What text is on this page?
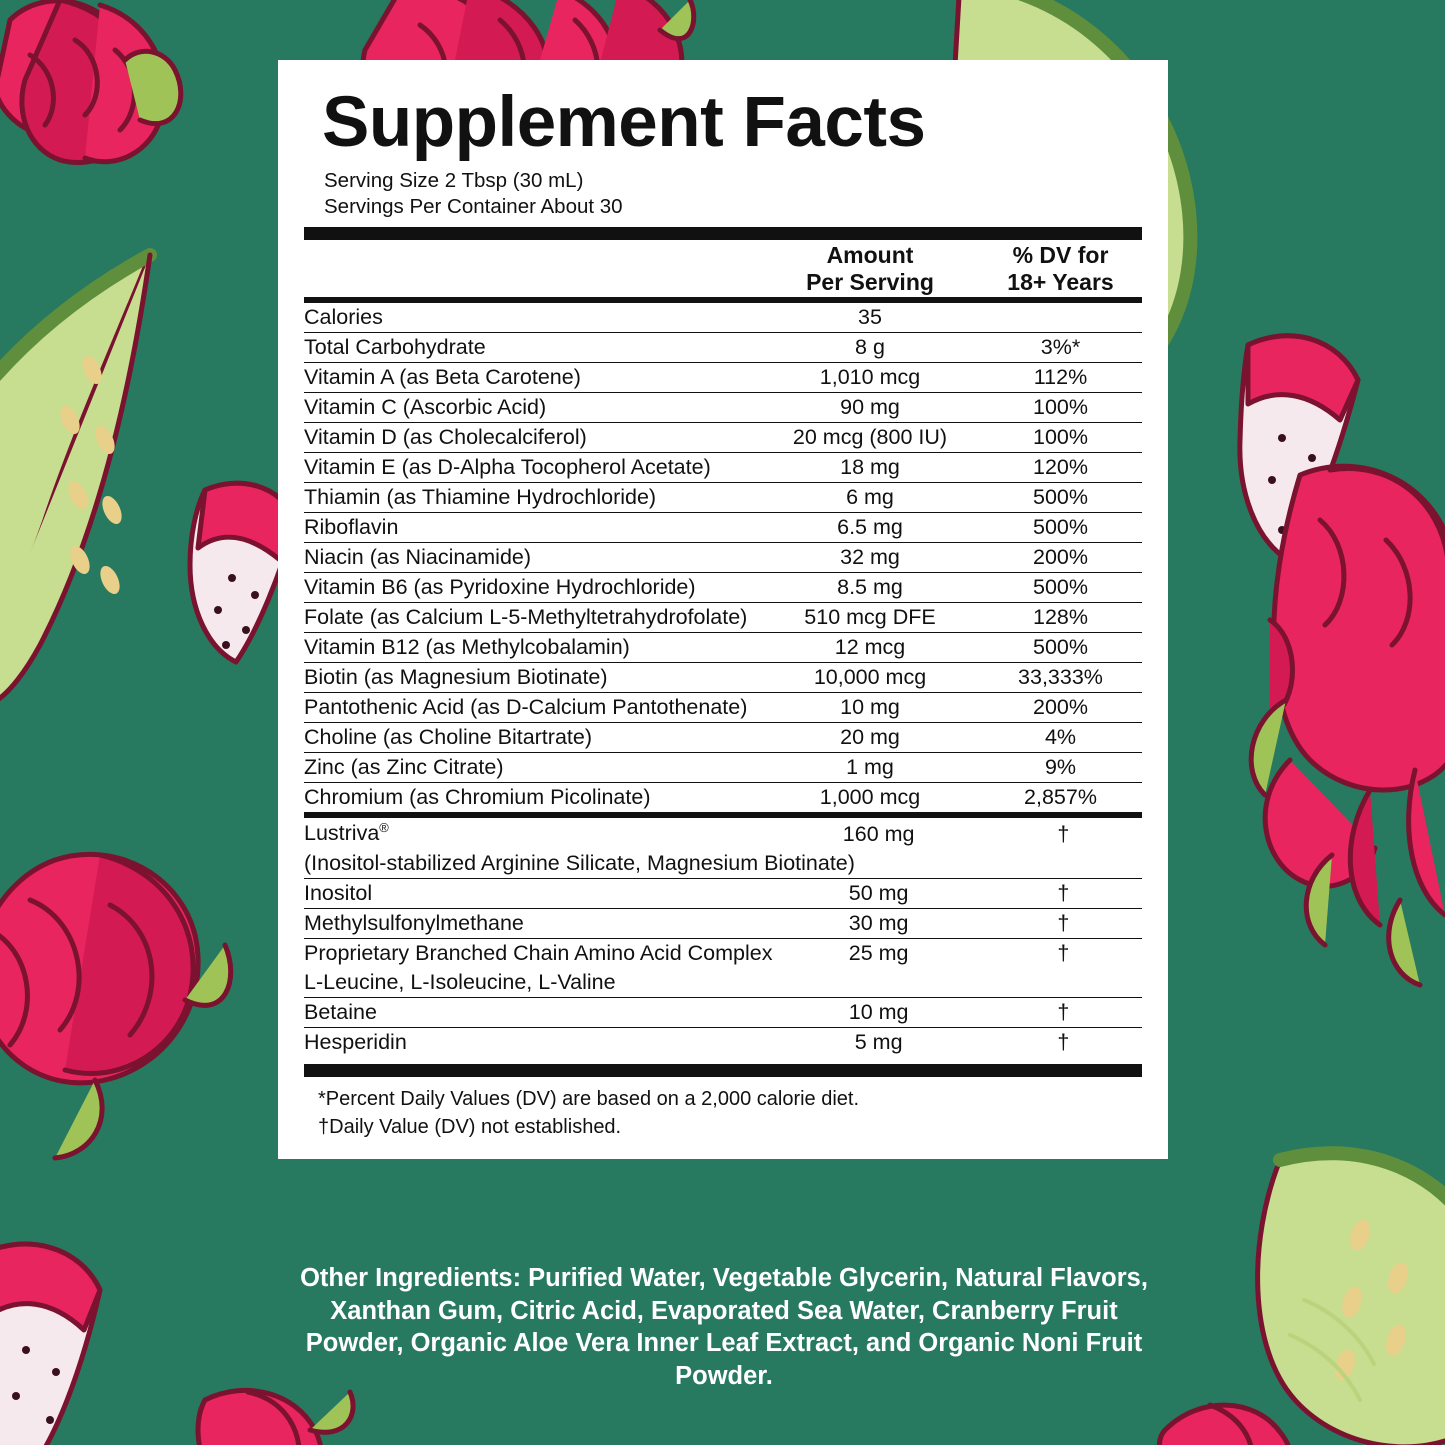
Supplement Facts
Serving Size 2 Tbsp (30 mL)
Servings Per Container About 30

Amount
Per Serving

% DV for
18+ Years
Calories	35	
Total Carbohydrate	8 g	3%*
Vitamin A (as Beta Carotene)	1,010 mcg	112%
Vitamin C (Ascorbic Acid)	90 mg	100%
Vitamin D (as Cholecalciferol)	20 mcg (800 IU)	100%
Vitamin E (as D-Alpha Tocopherol Acetate)	18 mg	120%
Thiamin (as Thiamine Hydrochloride)	6 mg	500%
Riboflavin	6.5 mg	500%
Niacin (as Niacinamide)	32 mg	200%
Vitamin B6 (as Pyridoxine Hydrochloride)	8.5 mg	500%
Folate (as Calcium L-5-Methyltetrahydrofolate)	510 mcg DFE	128%
Vitamin B12 (as Methylcobalamin)	12 mcg	500%
Biotin (as Magnesium Biotinate)	10,000 mcg	33,333%
Pantothenic Acid (as D-Calcium Pantothenate)	10 mg	200%
Choline (as Choline Bitartrate)	20 mg	4%
Zinc (as Zinc Citrate)	1 mg	9%
Chromium (as Chromium Picolinate)	1,000 mcg	2,857%
Lustriva®	160 mg	†
(Inositol-stabilized Arginine Silicate, Magnesium Biotinate)		
Inositol	50 mg	†
Methylsulfonylmethane	30 mg	†
Proprietary Branched Chain Amino Acid Complex	25 mg	†
L-Leucine, L-Isoleucine, L-Valine		
Betaine	10 mg	†
Hesperidin	5 mg	†
*Percent Daily Values (DV) are based on a 2,000 calorie diet.
†Daily Value (DV) not established.
Other Ingredients: Purified Water, Vegetable Glycerin, Natural Flavors, Xanthan Gum, Citric Acid, Evaporated Sea Water, Cranberry Fruit Powder, Organic Aloe Vera Inner Leaf Extract, and Organic Noni Fruit Powder.
